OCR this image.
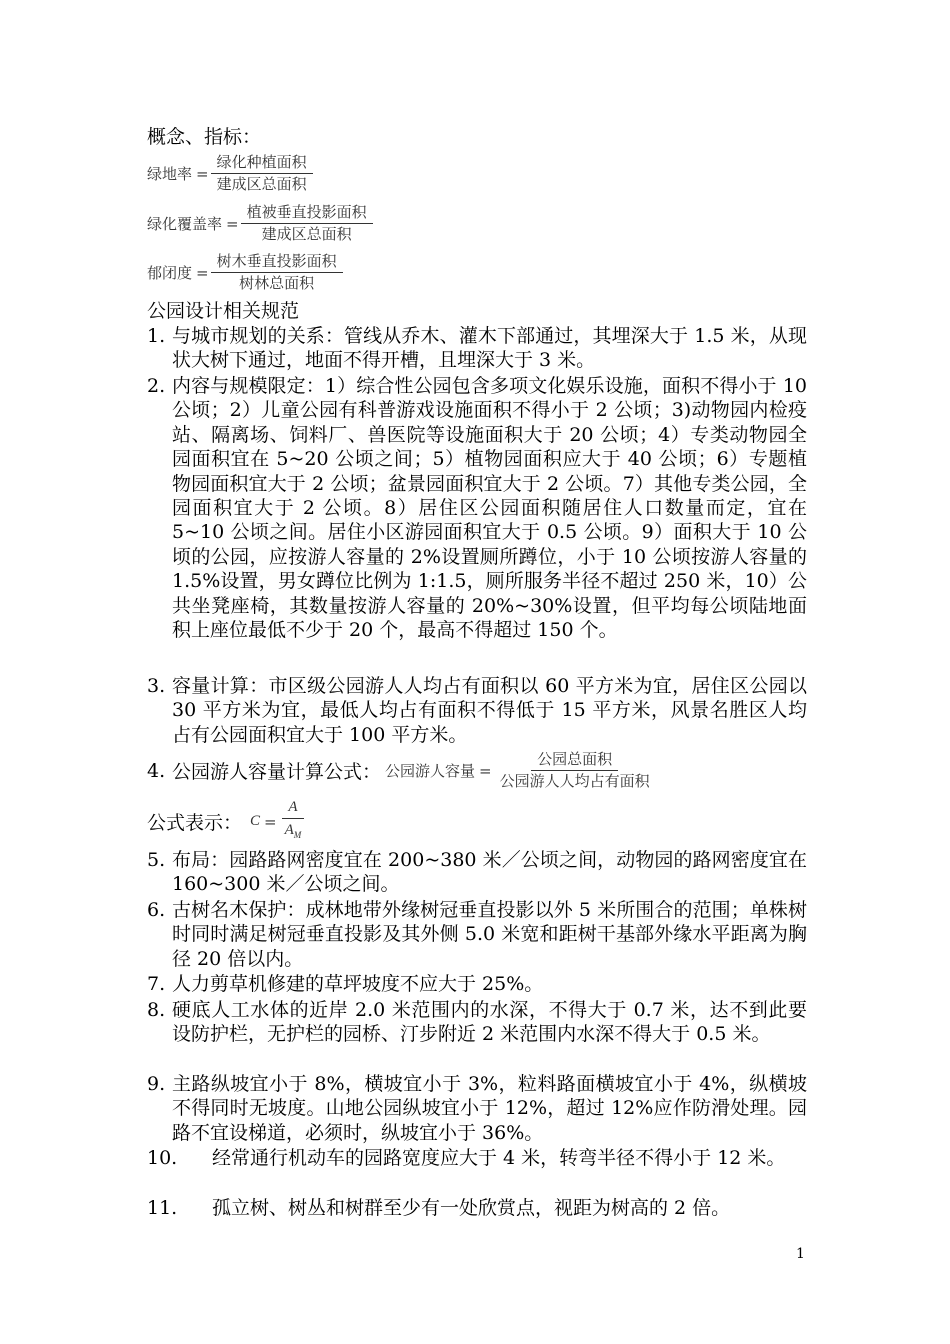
概念、指标：
绿地率 = $\frac{\text{绿化种植面积}}{\text{建成区总面积}}$
绿化覆盖率 = $\frac{\text{植被垂直投影面积}}{\text{建成区总面积}}$
郁闭度 = $\frac{\text{树木垂直投影面积}}{\text{树林总面积}}$
公园设计相关规范
1. 与城市规划的关系：管线从乔木、灌木下部通过，其埋深大于 1.5 米，从现状大树下通过，地面不得开槽，且埋深大于 3 米。
2. 内容与规模限定：1）综合性公园包含多项文化娱乐设施，面积不得小于 10 公顷；2）儿童公园有科普游戏设施面积不得小于 2 公顷；3)动物园内检疫站、隔离场、饲料厂、兽医院等设施面积大于 20 公顷；4）专类动物园全园面积宜在 5~20 公顷之间；5）植物园面积应大于 40 公顷；6）专题植物园面积宜大于 2 公顷；盆景园面积宜大于 2 公顷。7）其他专类公园，全园面积宜大于 2 公顷。8）居住区公园面积随居住人口数量而定，宜在 5~10 公顷之间。居住小区游园面积宜大于 0.5 公顷。9）面积大于 10 公顷的公园，应按游人容量的 2%设置厕所蹲位，小于 10 公顷按游人容量的 1.5%设置，男女蹲位比例为 1:1.5，厕所服务半径不超过 250 米，10）公共坐凳座椅，其数量按游人容量的 20%~30%设置，但平均每公顷陆地面积上座位最低不少于 20 个，最高不得超过 150 个。
3. 容量计算：市区级公园游人人均占有面积以 60 平方米为宜，居住区公园以 30 平方米为宜，最低人均占有面积不得低于 15 平方米，风景名胜区人均占有公园面积宜大于 100 平方米。
4. 公园游人容量计算公式： 公园游人容量 = $\frac{\text{公园总面积}}{\text{公园游人人均占有面积}}$
公式表示： $C = \frac{A}{A_M}$
5. 布局：园路路网密度宜在 200~380 米／公顷之间，动物园的路网密度宜在 160~300 米／公顷之间。
6. 古树名木保护：成林地带外缘树冠垂直投影以外 5 米所围合的范围；单株树时同时满足树冠垂直投影及其外侧 5.0 米宽和距树干基部外缘水平距离为胸径 20 倍以内。
7. 人力剪草机修建的草坪坡度不应大于 25%。
8. 硬底人工水体的近岸 2.0 米范围内的水深，不得大于 0.7 米，达不到此要设防护栏，无护栏的园桥、汀步附近 2 米范围内水深不得大于 0.5 米。
9. 主路纵坡宜小于 8%，横坡宜小于 3%，粒料路面横坡宜小于 4%，纵横坡不得同时无坡度。山地公园纵坡宜小于 12%，超过 12%应作防滑处理。园路不宜设梯道，必须时，纵坡宜小于 36%。
10.	经常通行机动车的园路宽度应大于 4 米，转弯半径不得小于 12 米。
11.	孤立树、树丛和树群至少有一处欣赏点，视距为树高的 2 倍。
1
